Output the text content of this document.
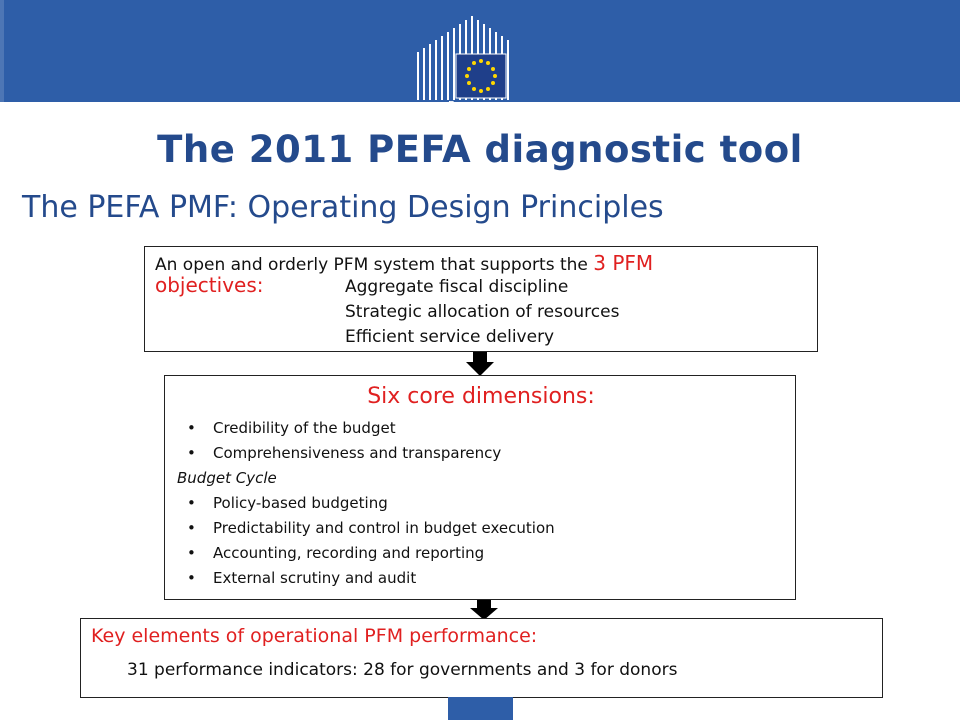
European
Commission
The 2011 PEFA diagnostic tool
The PEFA PMF: Operating Design Principles
An open and orderly PFM system that supports the 3 PFM
objectives:	Aggregate fiscal discipline
Strategic allocation of resources
Efficient service delivery
Six core dimensions:
• Credibility of the budget
• Comprehensiveness and transparency
Budget Cycle
• Policy-based budgeting
• Predictability and control in budget execution
• Accounting, recording and reporting
• External scrutiny and audit
Key elements of operational PFM performance:
31 performance indicators: 28 for governments and 3 for donors
